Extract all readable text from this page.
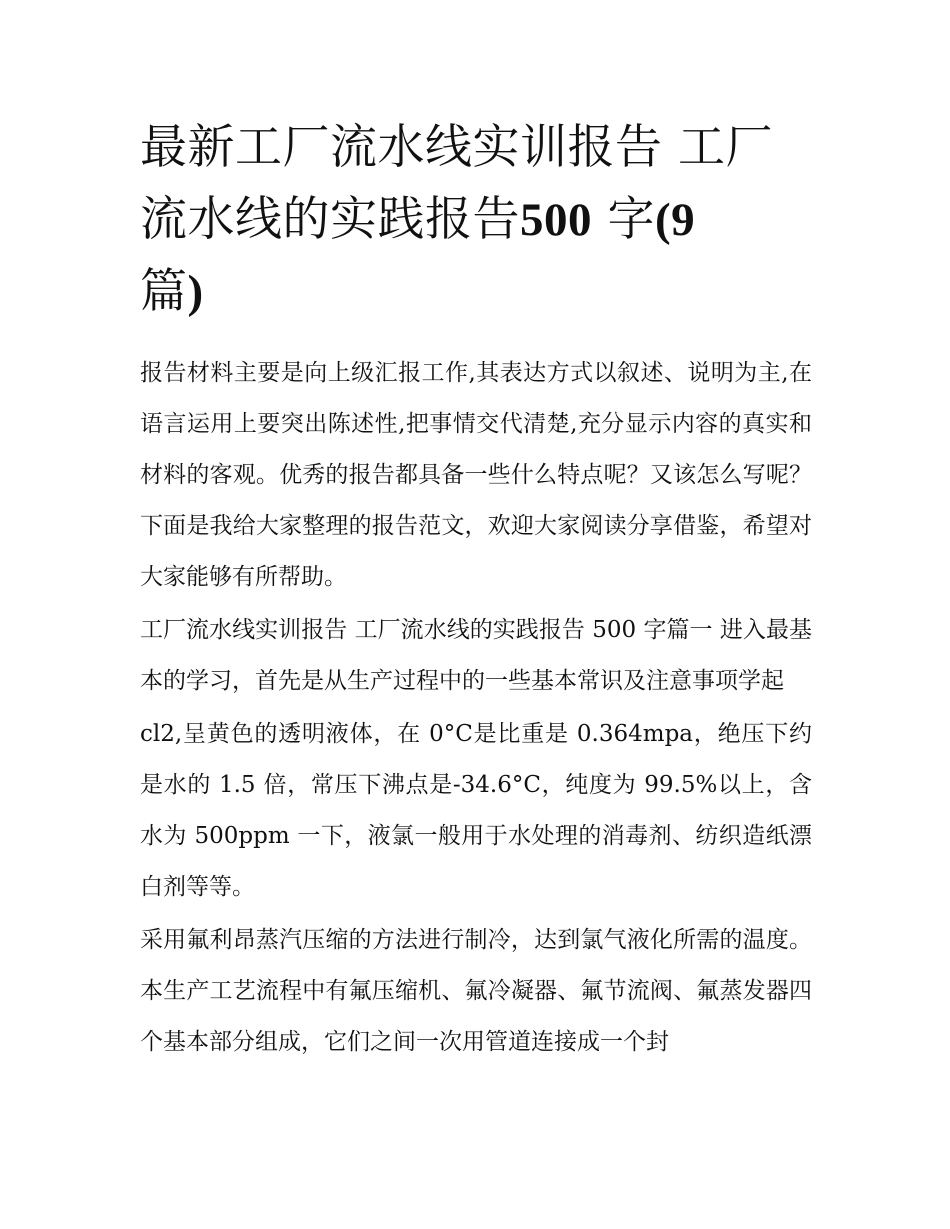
最新工厂流水线实训报告 工厂
流水线的实践报告500 字(9
篇)

报告材料主要是向上级汇报工作,其表达方式以叙述、说明为主,在语言运用上要突出陈述性,把事情交代清楚,充分显示内容的真实和材料的客观。优秀的报告都具备一些什么特点呢？又该怎么写呢？下面是我给大家整理的报告范文，欢迎大家阅读分享借鉴，希望对大家能够有所帮助。

工厂流水线实训报告 工厂流水线的实践报告 500 字篇一 进入最基本的学习，首先是从生产过程中的一些基本常识及注意事项学起

cl2,呈黄色的透明液体，在 0°C是比重是 0.364mpa，绝压下约是水的 1.5 倍，常压下沸点是-34.6°C，纯度为 99.5%以上，含水为 500ppm 一下，液氯一般用于水处理的消毒剂、纺织造纸漂白剂等等。

采用氟利昂蒸汽压缩的方法进行制冷，达到氯气液化所需的温度。本生产工艺流程中有氟压缩机、氟冷凝器、氟节流阀、氟蒸发器四个基本部分组成，它们之间一次用管道连接成一个封
